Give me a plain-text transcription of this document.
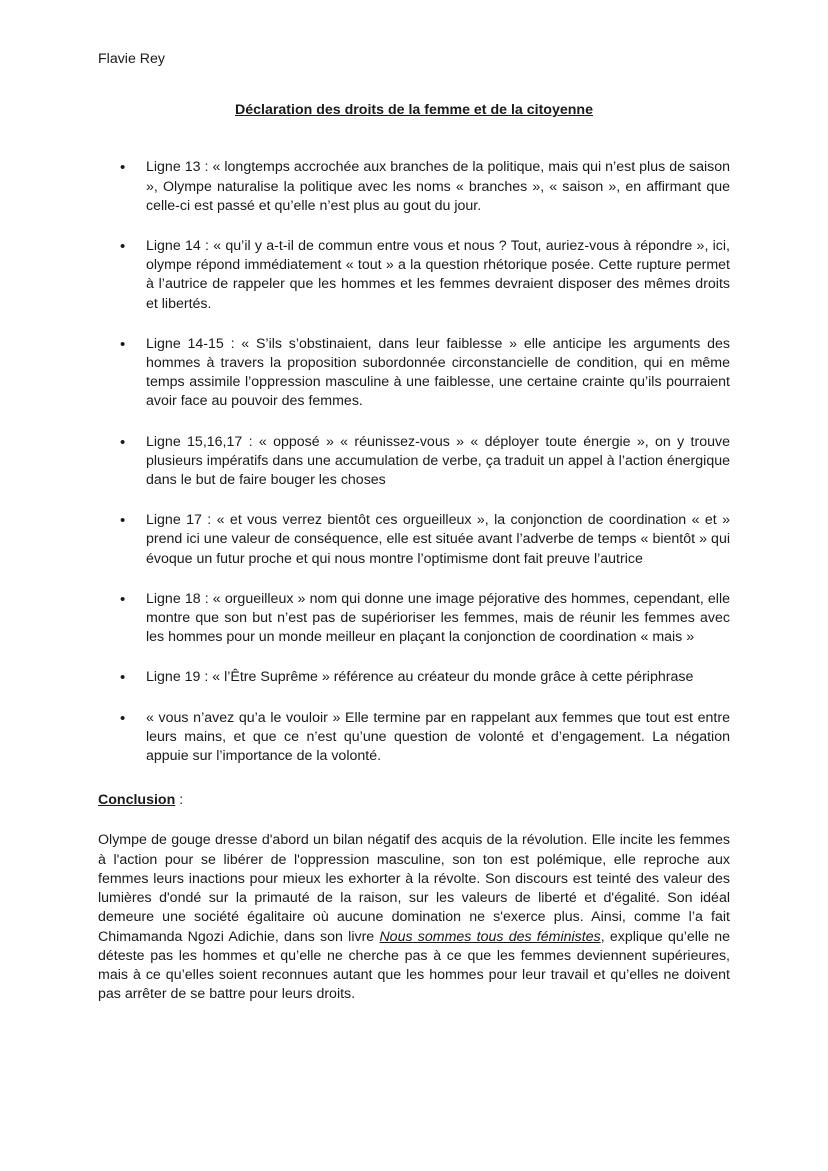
Flavie Rey

Déclaration des droits de la femme et de la citoyenne

• Ligne 13 : « longtemps accrochée aux branches de la politique, mais qui n’est plus de saison », Olympe naturalise la politique avec les noms « branches », « saison », en affirmant que celle-ci est passé et qu’elle n’est plus au gout du jour.
• Ligne 14 : « qu’il y a-t-il de commun entre vous et nous ? Tout, auriez-vous à répondre », ici, olympe répond immédiatement « tout » a la question rhétorique posée. Cette rupture permet à l’autrice de rappeler que les hommes et les femmes devraient disposer des mêmes droits et libertés.
• Ligne 14-15 : « S’ils s’obstinaient, dans leur faiblesse » elle anticipe les arguments des hommes à travers la proposition subordonnée circonstancielle de condition, qui en même temps assimile l’oppression masculine à une faiblesse, une certaine crainte qu’ils pourraient avoir face au pouvoir des femmes.
• Ligne 15,16,17 : « opposé » « réunissez-vous » « déployer toute énergie », on y trouve plusieurs impératifs dans une accumulation de verbe, ça traduit un appel à l’action énergique dans le but de faire bouger les choses
• Ligne 17 : « et vous verrez bientôt ces orgueilleux », la conjonction de coordination « et » prend ici une valeur de conséquence, elle est située avant l’adverbe de temps « bientôt » qui évoque un futur proche et qui nous montre l’optimisme dont fait preuve l’autrice
• Ligne 18 : « orgueilleux » nom qui donne une image péjorative des hommes, cependant, elle montre que son but n’est pas de supérioriser les femmes, mais de réunir les femmes avec les hommes pour un monde meilleur en plaçant la conjonction de coordination « mais »
• Ligne 19 : « l’Être Suprême » référence au créateur du monde grâce à cette périphrase
• « vous n’avez qu’a le vouloir » Elle termine par en rappelant aux femmes que tout est entre leurs mains, et que ce n’est qu’une question de volonté et d’engagement. La négation appuie sur l’importance de la volonté.

Conclusion :

Olympe de gouge dresse d'abord un bilan négatif des acquis de la révolution. Elle incite les femmes à l'action pour se libérer de l'oppression masculine, son ton est polémique, elle reproche aux femmes leurs inactions pour mieux les exhorter à la révolte. Son discours est teinté des valeur des lumières d'ondé sur la primauté de la raison, sur les valeurs de liberté et d'égalité. Son idéal demeure une société égalitaire où aucune domination ne s'exerce plus. Ainsi, comme l’a fait Chimamanda Ngozi Adichie, dans son livre Nous sommes tous des féministes, explique qu’elle ne déteste pas les hommes et qu’elle ne cherche pas à ce que les femmes deviennent supérieures, mais à ce qu’elles soient reconnues autant que les hommes pour leur travail et qu’elles ne doivent pas arrêter de se battre pour leurs droits.
